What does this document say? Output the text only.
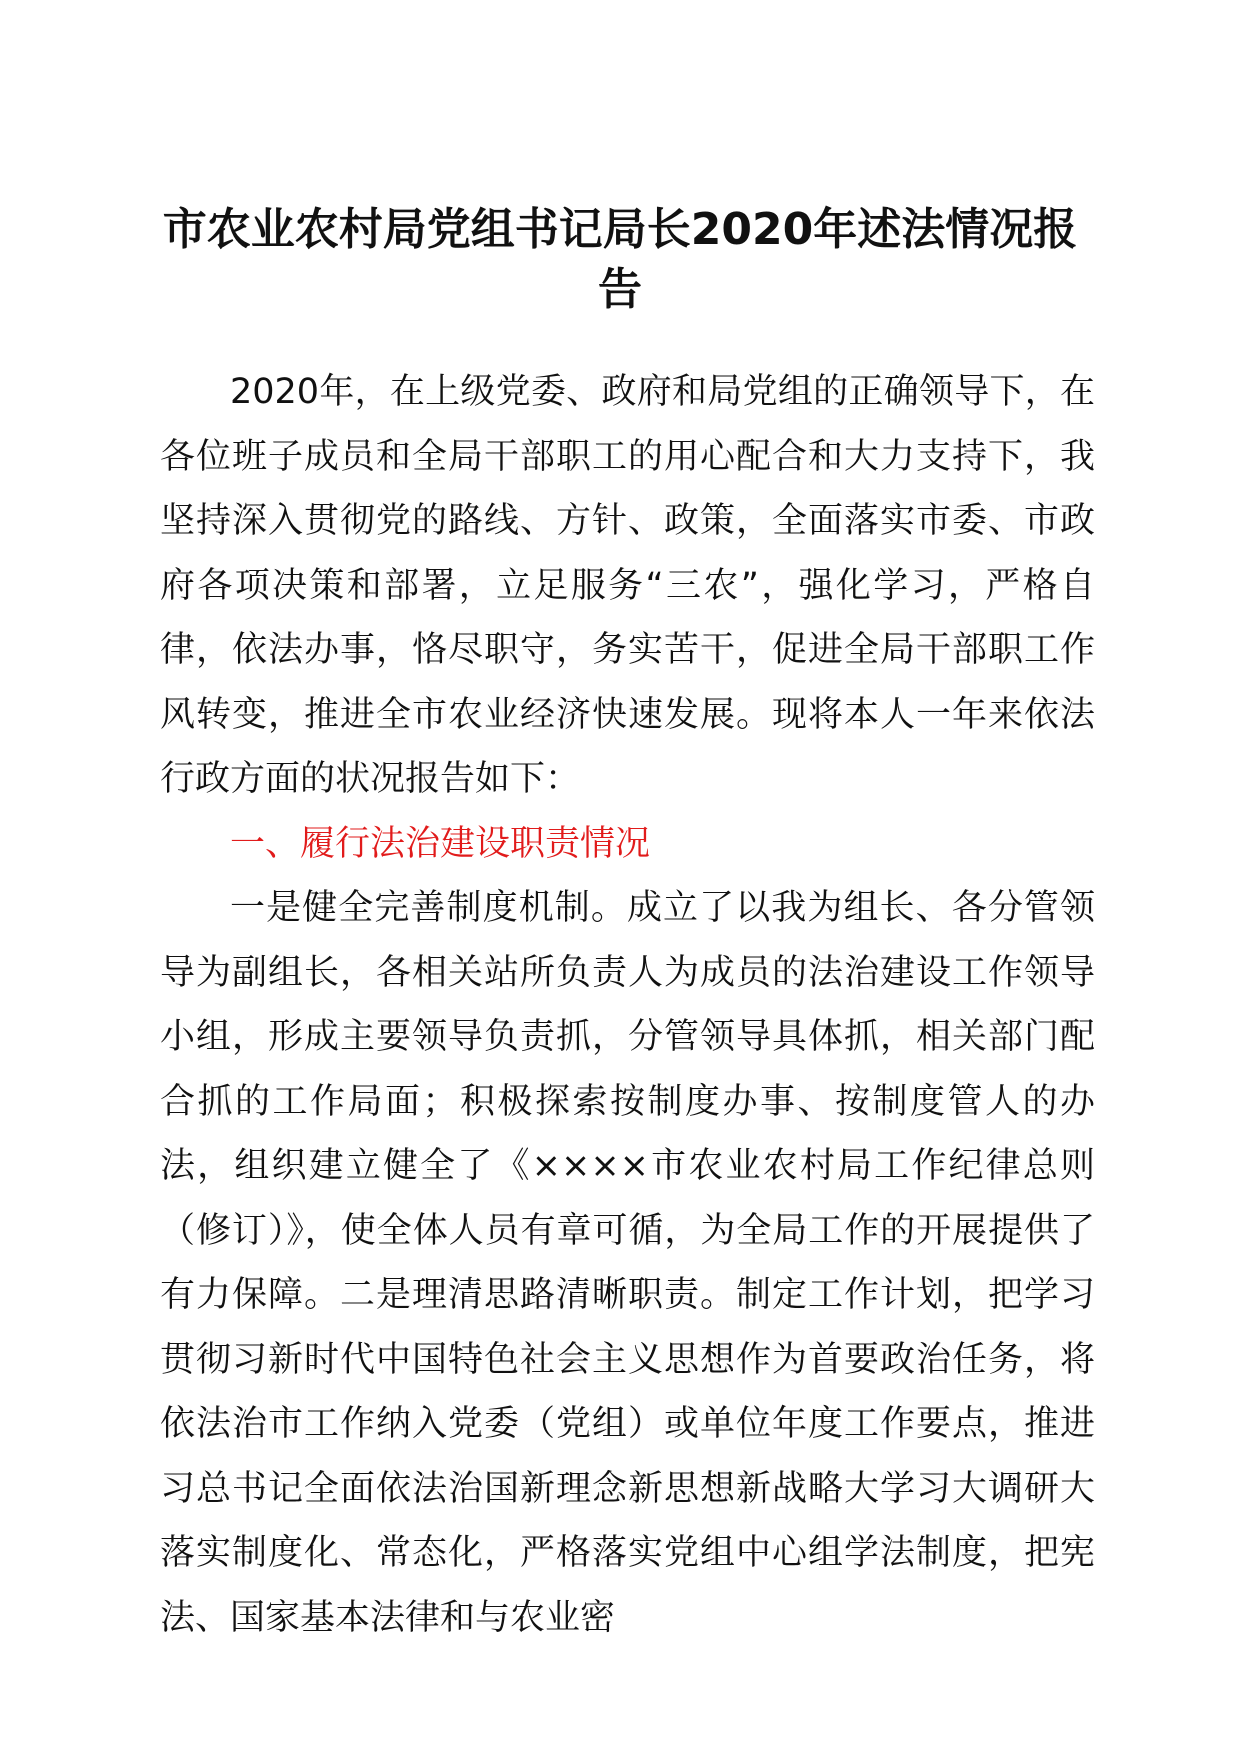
市农业农村局党组书记局长2020年述法情况报告

2020年，在上级党委、政府和局党组的正确领导下，在各位班子成员和全局干部职工的用心配合和大力支持下，我坚持深入贯彻党的路线、方针、政策，全面落实市委、市政府各项决策和部署，立足服务“三农”，强化学习，严格自律，依法办事，恪尽职守，务实苦干，促进全局干部职工作风转变，推进全市农业经济快速发展。现将本人一年来依法行政方面的状况报告如下：

一、履行法治建设职责情况

一是健全完善制度机制。成立了以我为组长、各分管领导为副组长，各相关站所负责人为成员的法治建设工作领导小组，形成主要领导负责抓，分管领导具体抓，相关部门配合抓的工作局面；积极探索按制度办事、按制度管人的办法，组织建立健全了《××××市农业农村局工作纪律总则（修订）》，使全体人员有章可循，为全局工作的开展提供了有力保障。二是理清思路清晰职责。制定工作计划，把学习贯彻习新时代中国特色社会主义思想作为首要政治任务，将依法治市工作纳入党委（党组）或单位年度工作要点，推进习总书记全面依法治国新理念新思想新战略大学习大调研大落实制度化、常态化，严格落实党组中心组学法制度，把宪法、国家基本法律和与农业密
